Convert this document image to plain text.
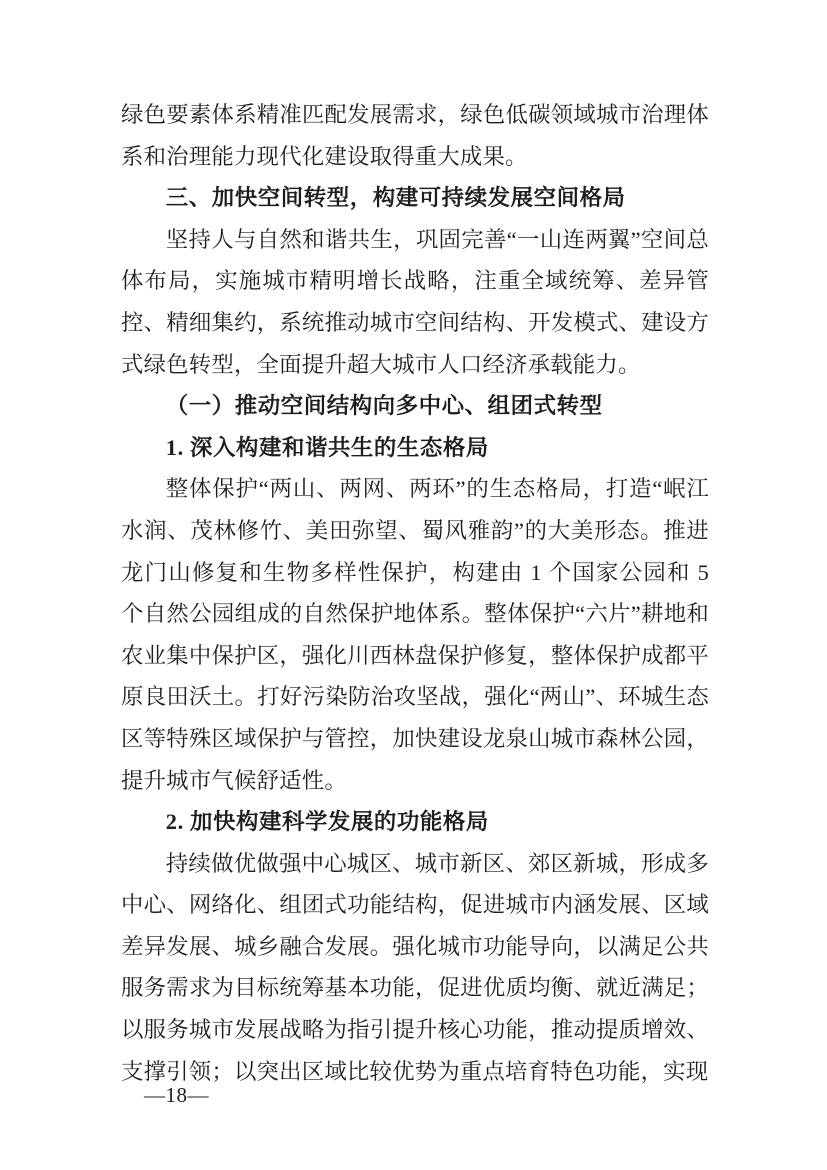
绿色要素体系精准匹配发展需求，绿色低碳领域城市治理体系和治理能力现代化建设取得重大成果。

三、加快空间转型，构建可持续发展空间格局

坚持人与自然和谐共生，巩固完善“一山连两翼”空间总体布局，实施城市精明增长战略，注重全域统筹、差异管控、精细集约，系统推动城市空间结构、开发模式、建设方式绿色转型，全面提升超大城市人口经济承载能力。

（一）推动空间结构向多中心、组团式转型
1. 深入构建和谐共生的生态格局

整体保护“两山、两网、两环”的生态格局，打造“岷江水润、茂林修竹、美田弥望、蜀风雅韵”的大美形态。推进龙门山修复和生物多样性保护，构建由 1 个国家公园和 5 个自然公园组成的自然保护地体系。整体保护“六片”耕地和农业集中保护区，强化川西林盘保护修复，整体保护成都平原良田沃土。打好污染防治攻坚战，强化“两山”、环城生态区等特殊区域保护与管控，加快建设龙泉山城市森林公园，提升城市气候舒适性。

2. 加快构建科学发展的功能格局

持续做优做强中心城区、城市新区、郊区新城，形成多中心、网络化、组团式功能结构，促进城市内涵发展、区域差异发展、城乡融合发展。强化城市功能导向，以满足公共服务需求为目标统筹基本功能，促进优质均衡、就近满足；以服务城市发展战略为指引提升核心功能，推动提质增效、支撑引领；以突出区域比较优势为重点培育特色功能，实现

—18—
